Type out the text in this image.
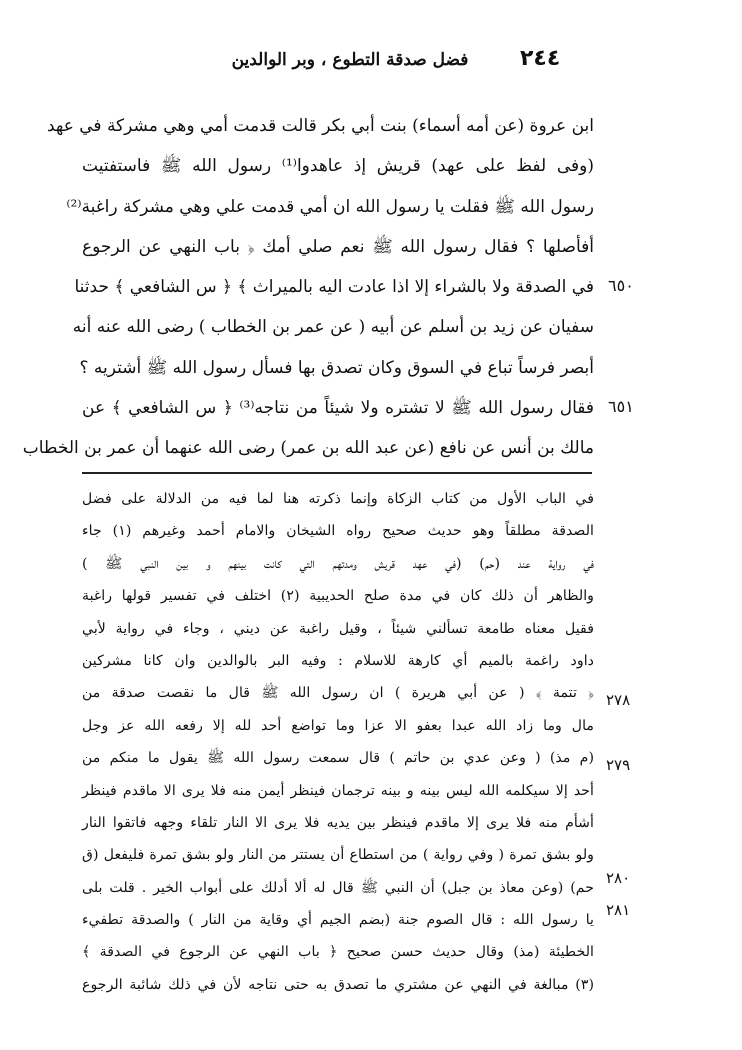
فضل صدقة التطوع ، وبر الوالدين	٢٤٤
ابن عروة (عن أمه أسماء) بنت أبي بكر قالت قدمت أمي وهي مشركة في عهد
(وفى لفظ على عهد) قريش إذ عاهدوا⁽¹⁾ رسول الله ﷺ فاستفتيت
رسول الله ﷺ فقلت يا رسول الله ان أمي قدمت علي وهي مشركة راغبة⁽²⁾
أفأصلها ؟ فقال رسول الله ﷺ نعم صلي أمك ﴿ باب النهي عن الرجوع
في الصدقة ولا بالشراء إلا اذا عادت اليه بالميراث ﴾ ﴿ س الشافعي ﴾ حدثنا
سفيان عن زيد بن أسلم عن أبيه ( عن عمر بن الخطاب ) رضى الله عنه أنه
أبصر فرساً تباع في السوق وكان تصدق بها فسأل رسول الله ﷺ أشتريه ؟
فقال رسول الله ﷺ لا تشتره ولا شيئاً من نتاجه⁽³⁾ ﴿ س الشافعي ﴾ عن
مالك بن أنس عن نافع (عن عبد الله بن عمر) رضى الله عنهما أن عمر بن الخطاب
٦٥٠
٦٥١
في الباب الأول من كتاب الزكاة وإنما ذكرته هنا لما فيه من الدلالة على فضل
الصدقة مطلقاً وهو حديث صحيح رواه الشيخان والامام أحمد وغيرهم (١) جاء
في رواية عند (حم) (في عهد قريش ومدتهم التي كانت بينهم و بين النبي ﷺ )
والظاهر أن ذلك كان في مدة صلح الحديبية (٢) اختلف في تفسير قولها راغبة
فقيل معناه طامعة تسألني شيئاً ، وقيل راغبة عن ديني ، وجاء في رواية لأبي
داود راغمة بالميم أي كارهة للاسلام : وفيه البر بالوالدين وان كانا مشركين
﴿ تتمة ﴾ ( عن أبي هريرة ) ان رسول الله ﷺ قال ما نقصت صدقة من
مال وما زاد الله عبدا بعفو الا عزا وما تواضع أحد لله إلا رفعه الله عز وجل
(م مذ) ( وعن عدي بن حاتم ) قال سمعت رسول الله ﷺ يقول ما منكم من
أحد إلا سيكلمه الله ليس بينه و بينه ترجمان فينظر أيمن منه فلا يرى الا ماقدم فينظر
أشأم منه فلا يرى إلا ماقدم فينظر بين يديه فلا يرى الا النار تلقاء وجهه فاتقوا النار
ولو بشق تمرة ( وفي رواية ) من استطاع أن يستتر من النار ولو بشق تمرة فليفعل (ق
حم) (وعن معاذ بن جبل) أن النبي ﷺ قال له ألا أدلك على أبواب الخير . قلت بلى
يا رسول الله : قال الصوم جنة (بضم الجيم أي وقاية من النار ) والصدقة تطفيء
الخطيئة (مذ) وقال حديث حسن صحيح ﴿ باب النهي عن الرجوع في الصدقة ﴾
(٣) مبالغة في النهي عن مشتري ما تصدق به حتى نتاجه لأن في ذلك شائبة الرجوع
٢٧٨
٢٧٩
٢٨٠
٢٨١
